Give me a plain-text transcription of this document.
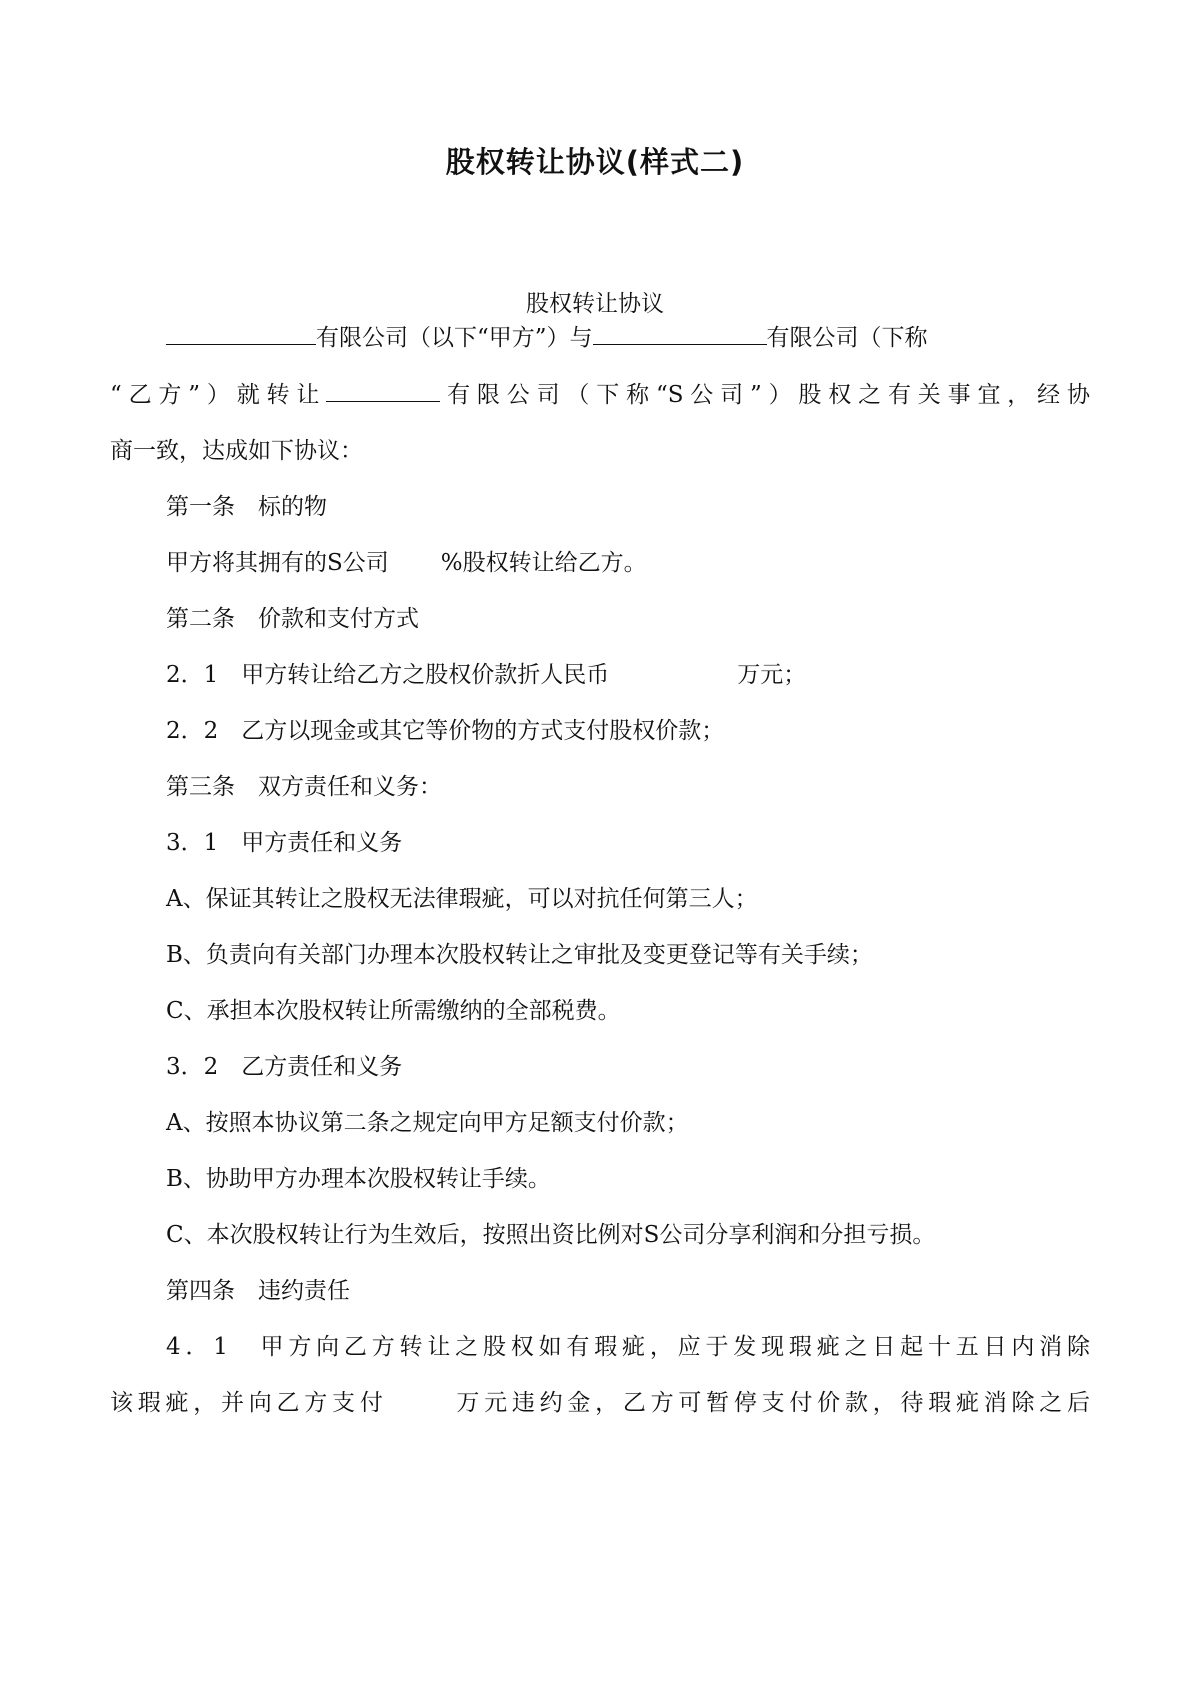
股权转让协议(样式二)
股权转让协议
有限公司（以下“甲方”）与	有限公司（下称
“乙方”）就转让	有限公司（下称“S公司”）股权之有关事宜，经协
商一致，达成如下协议：
第一条　标的物
甲方将其拥有的S公司 %股权转让给乙方。
第二条　价款和支付方式
2．1　甲方转让给乙方之股权价款折人民币	万元；
2．2　乙方以现金或其它等价物的方式支付股权价款；
第三条　双方责任和义务：
3．1　甲方责任和义务
A、保证其转让之股权无法律瑕疵，可以对抗任何第三人；
B、负责向有关部门办理本次股权转让之审批及变更登记等有关手续；
C、承担本次股权转让所需缴纳的全部税费。
3．2　乙方责任和义务
A、按照本协议第二条之规定向甲方足额支付价款；
B、协助甲方办理本次股权转让手续。
C、本次股权转让行为生效后，按照出资比例对S公司分享利润和分担亏损。
第四条　违约责任
4．1　甲方向乙方转让之股权如有瑕疵，应于发现瑕疵之日起十五日内消除
该瑕疵，并向乙方支付	万元违约金，乙方可暂停支付价款，待瑕疵消除之后
